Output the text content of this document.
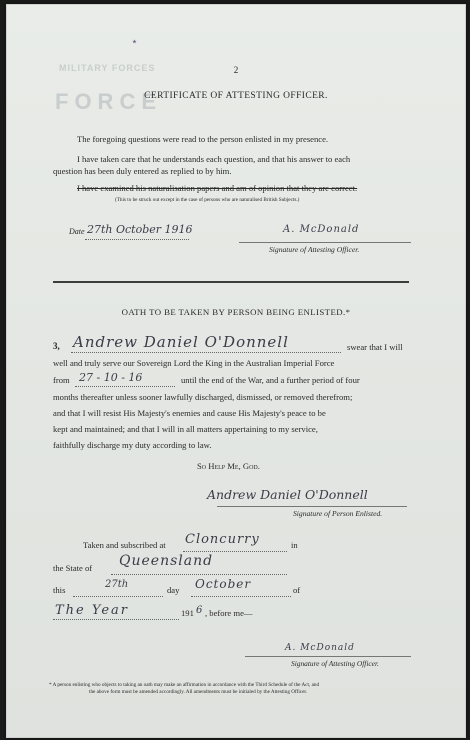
MILITARY FORCES
FORCE
⋆
2
CERTIFICATE OF ATTESTING OFFICER.
The foregoing questions were read to the person enlisted in my presence.
I have taken care that he understands each question, and that his answer to each
question has been duly entered as replied to by him.
I have examined his naturalisation papers and am of opinion that they are correct.
(This to be struck out except in the case of persons who are naturalised British Subjects.)
Date 27th October 1916	A. McDonald
Signature of Attesting Officer.
OATH TO BE TAKEN BY PERSON BEING ENLISTED.*
3, Andrew Daniel O'Donnell	swear that I will
well and truly serve our Sovereign Lord the King in the Australian Imperial Force
from 27 - 10 - 16	until the end of the War, and a further period of four
months thereafter unless sooner lawfully discharged, dismissed, or removed therefrom;
and that I will resist His Majesty's enemies and cause His Majesty's peace to be
kept and maintained; and that I will in all matters appertaining to my service,
faithfully discharge my duty according to law.
So Help Me, God.
Andrew Daniel O'Donnell
Signature of Person Enlisted.
Taken and subscribed at Cloncurry	in
the State of Queensland
this	27th	day October	of
The Year	191 6 , before me—
A. McDonald
Signature of Attesting Officer.
* A person enlisting who objects to taking an oath may make an affirmation in accordance with the Third Schedule of the Act, and
the above form must be amended accordingly. All amendments must be initialed by the Attesting Officer.
